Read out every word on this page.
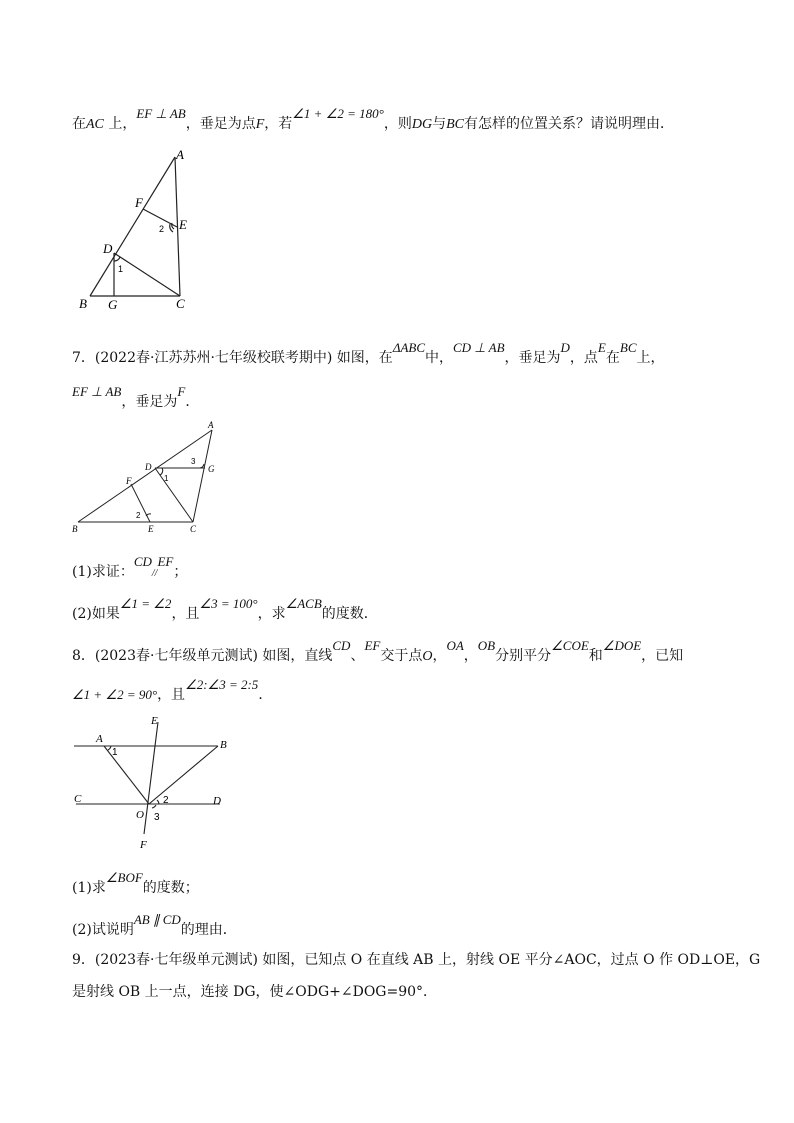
在AC 上，EF ⊥ AB，垂足为点F，若∠1 + ∠2 = 180°，则DG与BC有怎样的位置关系？请说明理由．
A
F
E
D
B G	C
1
2
7．(2022春·江苏苏州·七年级校联考期中) 如图，在ΔABC中，CD ⊥ AB，垂足为D，点E在BC上，
EF ⊥ AB，垂足为F．
A
D	G
F
B	E	C
1
2
3
(1)求证：CD//EF；
(2)如果∠1 = ∠2，且∠3 = 100°，求∠ACB的度数．
8．(2023春·七年级单元测试) 如图，直线CD、EF交于点O，OA，OB分别平分∠COE和∠DOE，已知
∠1 + ∠2 = 90°，且∠2:∠3 = 2:5．
E
A	B
C	D
O
F
1
2
3
(1)求∠BOF的度数；
(2)试说明AB ∥ CD的理由．
9．(2023春·七年级单元测试) 如图，已知点 O 在直线 AB 上，射线 OE 平分∠AOC，过点 O 作 OD⊥OE，G
是射线 OB 上一点，连接 DG，使∠ODG+∠DOG=90°．
